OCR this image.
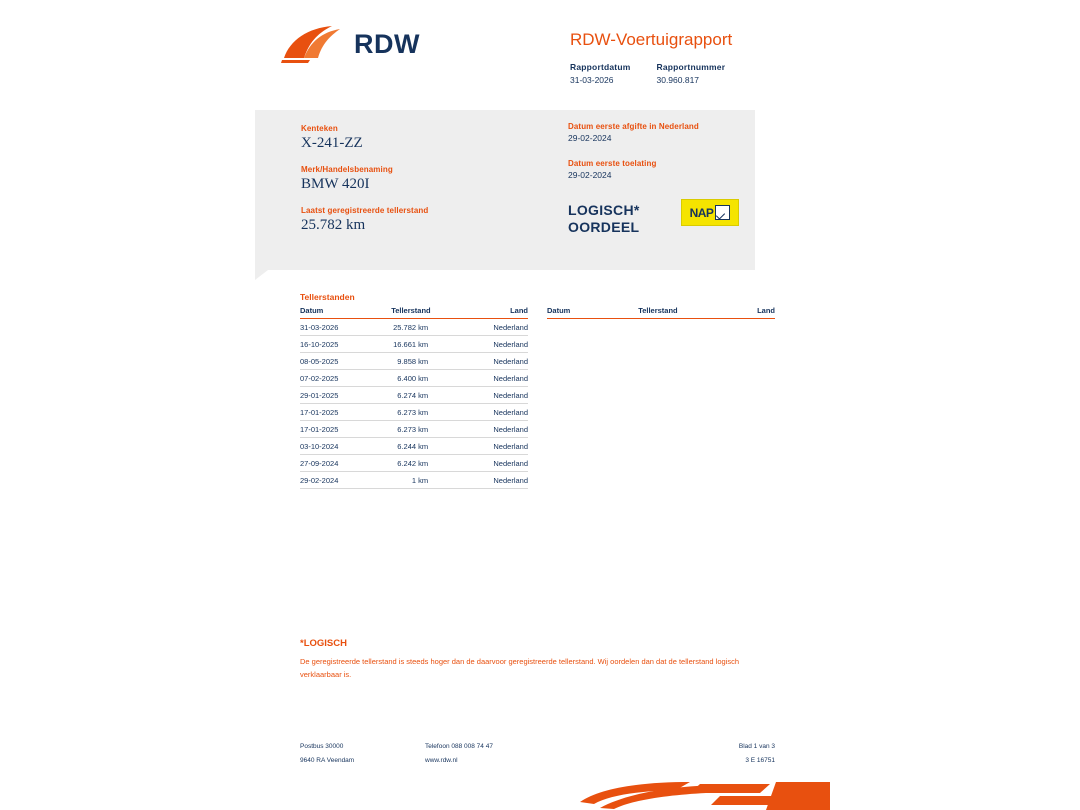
RDW	RDW-Voertuigrapport
Rapportdatum
31-03-2026
Rapportnummer
30.960.817
Kenteken
X-241-ZZ
Merk/Handelsbenaming
BMW 420I
Laatst geregistreerde tellerstand
25.782 km
Datum eerste afgifte in Nederland
29-02-2024
Datum eerste toelating
29-02-2024
LOGISCH*
OORDEEL
NAP
Tellerstanden
Datum	Tellerstand	Land
31-03-2026	25.782 km	Nederland
16-10-2025	16.661 km	Nederland
08-05-2025	9.858 km	Nederland
07-02-2025	6.400 km	Nederland
29-01-2025	6.274 km	Nederland
17-01-2025	6.273 km	Nederland
17-01-2025	6.273 km	Nederland
03-10-2024	6.244 km	Nederland
27-09-2024	6.242 km	Nederland
29-02-2024	1 km	Nederland
Datum	Tellerstand	Land
*LOGISCH
De geregistreerde tellerstand is steeds hoger dan de daarvoor geregistreerde tellerstand. Wij oordelen dan dat de tellerstand logisch verklaarbaar is.
Postbus 30000
9640 RA Veendam
Telefoon 088 008 74 47
www.rdw.nl
Blad 1 van 3
3 E 16751
